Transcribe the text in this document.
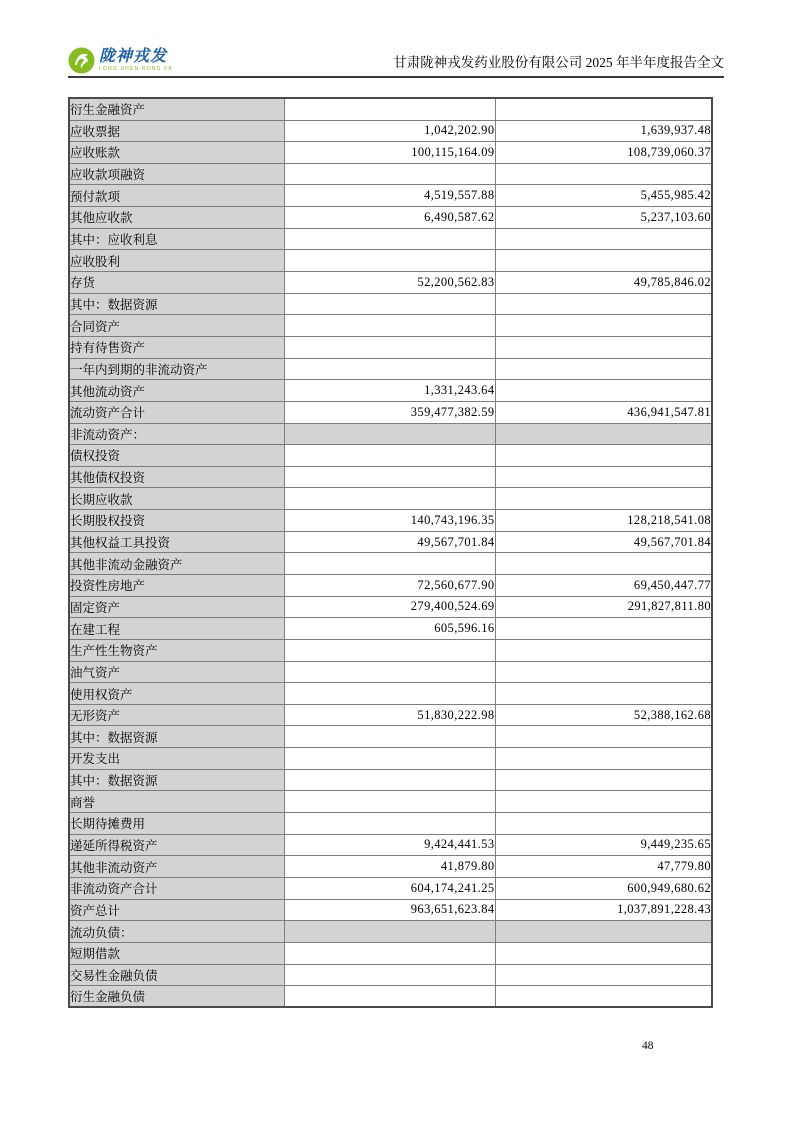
陇神戎发
LONG SHEN RONG FA	甘肃陇神戎发药业股份有限公司 2025 年半年度报告全文
衍生金融资产		
应收票据	1,042,202.90	1,639,937.48
应收账款	100,115,164.09	108,739,060.37
应收款项融资		
预付款项	4,519,557.88	5,455,985.42
其他应收款	6,490,587.62	5,237,103.60
其中：应收利息		
应收股利		
存货	52,200,562.83	49,785,846.02
其中：数据资源		
合同资产		
持有待售资产		
一年内到期的非流动资产		
其他流动资产	1,331,243.64	
流动资产合计	359,477,382.59	436,941,547.81
非流动资产：		
债权投资		
其他债权投资		
长期应收款		
长期股权投资	140,743,196.35	128,218,541.08
其他权益工具投资	49,567,701.84	49,567,701.84
其他非流动金融资产		
投资性房地产	72,560,677.90	69,450,447.77
固定资产	279,400,524.69	291,827,811.80
在建工程	605,596.16	
生产性生物资产		
油气资产		
使用权资产		
无形资产	51,830,222.98	52,388,162.68
其中：数据资源		
开发支出		
其中：数据资源		
商誉		
长期待摊费用		
递延所得税资产	9,424,441.53	9,449,235.65
其他非流动资产	41,879.80	47,779.80
非流动资产合计	604,174,241.25	600,949,680.62
资产总计	963,651,623.84	1,037,891,228.43
流动负债：		
短期借款		
交易性金融负债		
衍生金融负债		
48
